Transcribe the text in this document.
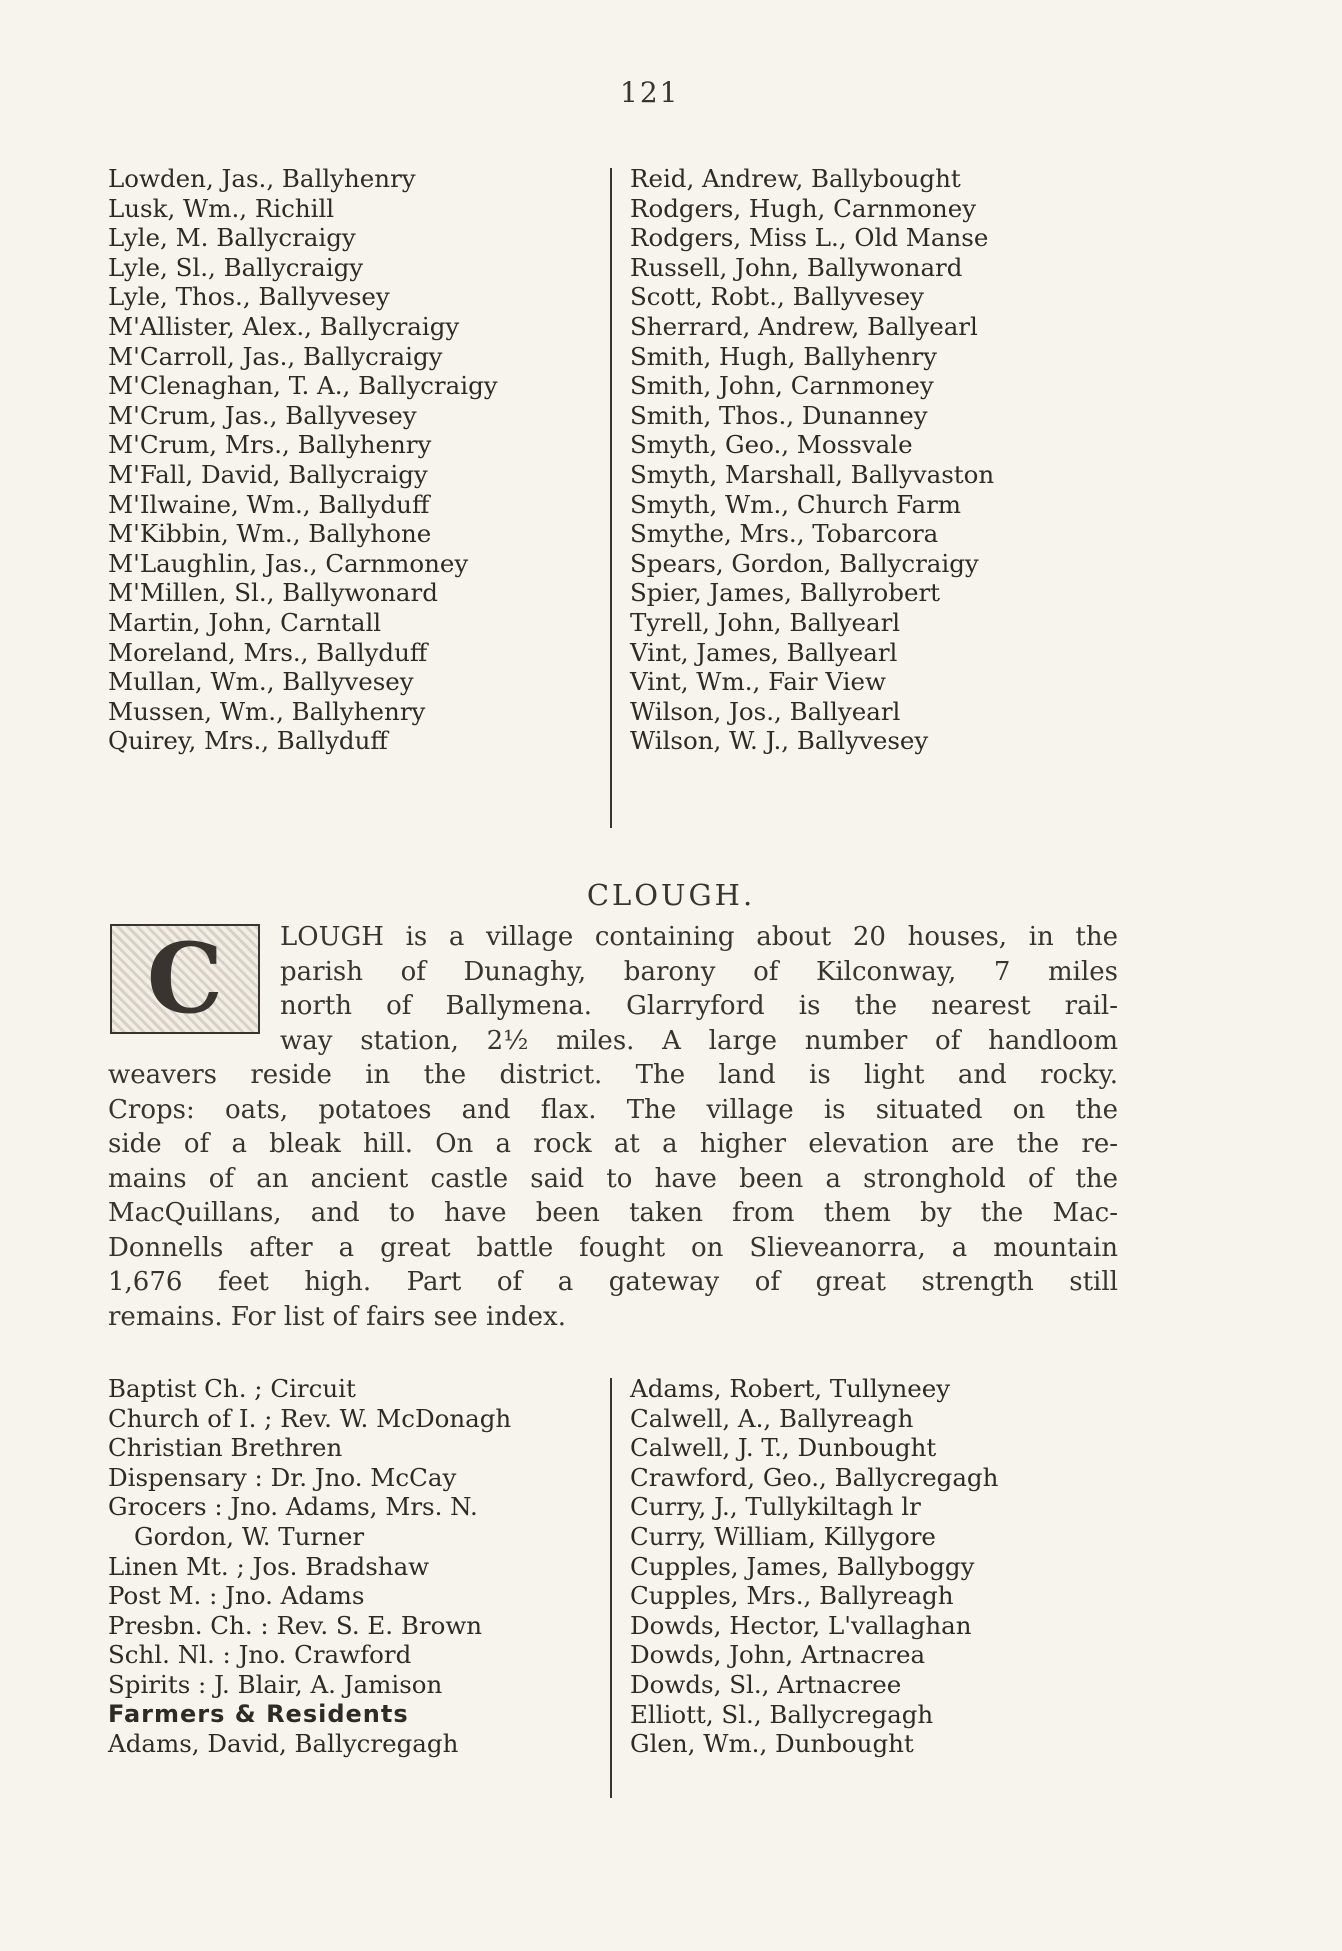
121
Lowden, Jas., Ballyhenry
Lusk, Wm., Richill
Lyle, M. Ballycraigy
Lyle, Sl., Ballycraigy
Lyle, Thos., Ballyvesey
M'Allister, Alex., Ballycraigy
M'Carroll, Jas., Ballycraigy
M'Clenaghan, T. A., Ballycraigy
M'Crum, Jas., Ballyvesey
M'Crum, Mrs., Ballyhenry
M'Fall, David, Ballycraigy
M'Ilwaine, Wm., Ballyduff
M'Kibbin, Wm., Ballyhone
M'Laughlin, Jas., Carnmoney
M'Millen, Sl., Ballywonard
Martin, John, Carntall
Moreland, Mrs., Ballyduff
Mullan, Wm., Ballyvesey
Mussen, Wm., Ballyhenry
Quirey, Mrs., Ballyduff
Reid, Andrew, Ballybought
Rodgers, Hugh, Carnmoney
Rodgers, Miss L., Old Manse
Russell, John, Ballywonard
Scott, Robt., Ballyvesey
Sherrard, Andrew, Ballyearl
Smith, Hugh, Ballyhenry
Smith, John, Carnmoney
Smith, Thos., Dunanney
Smyth, Geo., Mossvale
Smyth, Marshall, Ballyvaston
Smyth, Wm., Church Farm
Smythe, Mrs., Tobarcora
Spears, Gordon, Ballycraigy
Spier, James, Ballyrobert
Tyrell, John, Ballyearl
Vint, James, Ballyearl
Vint, Wm., Fair View
Wilson, Jos., Ballyearl
Wilson, W. J., Ballyvesey
CLOUGH.
C	LOUGH is a village containing about 20 houses, in the
parish of Dunaghy, barony of Kilconway, 7 miles
north of Ballymena. Glarryford is the nearest rail-
way station, 2½ miles. A large number of handloom
weavers reside in the district. The land is light and rocky.
Crops: oats, potatoes and flax. The village is situated on the
side of a bleak hill. On a rock at a higher elevation are the re-
mains of an ancient castle said to have been a stronghold of the
MacQuillans, and to have been taken from them by the Mac-
Donnells after a great battle fought on Slieveanorra, a mountain
1,676 feet high. Part of a gateway of great strength still
remains. For list of fairs see index.
Baptist Ch. ; Circuit
Church of I. ; Rev. W. McDonagh
Christian Brethren
Dispensary : Dr. Jno. McCay
Grocers : Jno. Adams, Mrs. N.
Gordon, W. Turner
Linen Mt. ; Jos. Bradshaw
Post M. : Jno. Adams
Presbn. Ch. : Rev. S. E. Brown
Schl. Nl. : Jno. Crawford
Spirits : J. Blair, A. Jamison
Farmers & Residents
Adams, David, Ballycregagh
Adams, Robert, Tullyneey
Calwell, A., Ballyreagh
Calwell, J. T., Dunbought
Crawford, Geo., Ballycregagh
Curry, J., Tullykiltagh lr
Curry, William, Killygore
Cupples, James, Ballyboggy
Cupples, Mrs., Ballyreagh
Dowds, Hector, L'vallaghan
Dowds, John, Artnacrea
Dowds, Sl., Artnacree
Elliott, Sl., Ballycregagh
Glen, Wm., Dunbought
